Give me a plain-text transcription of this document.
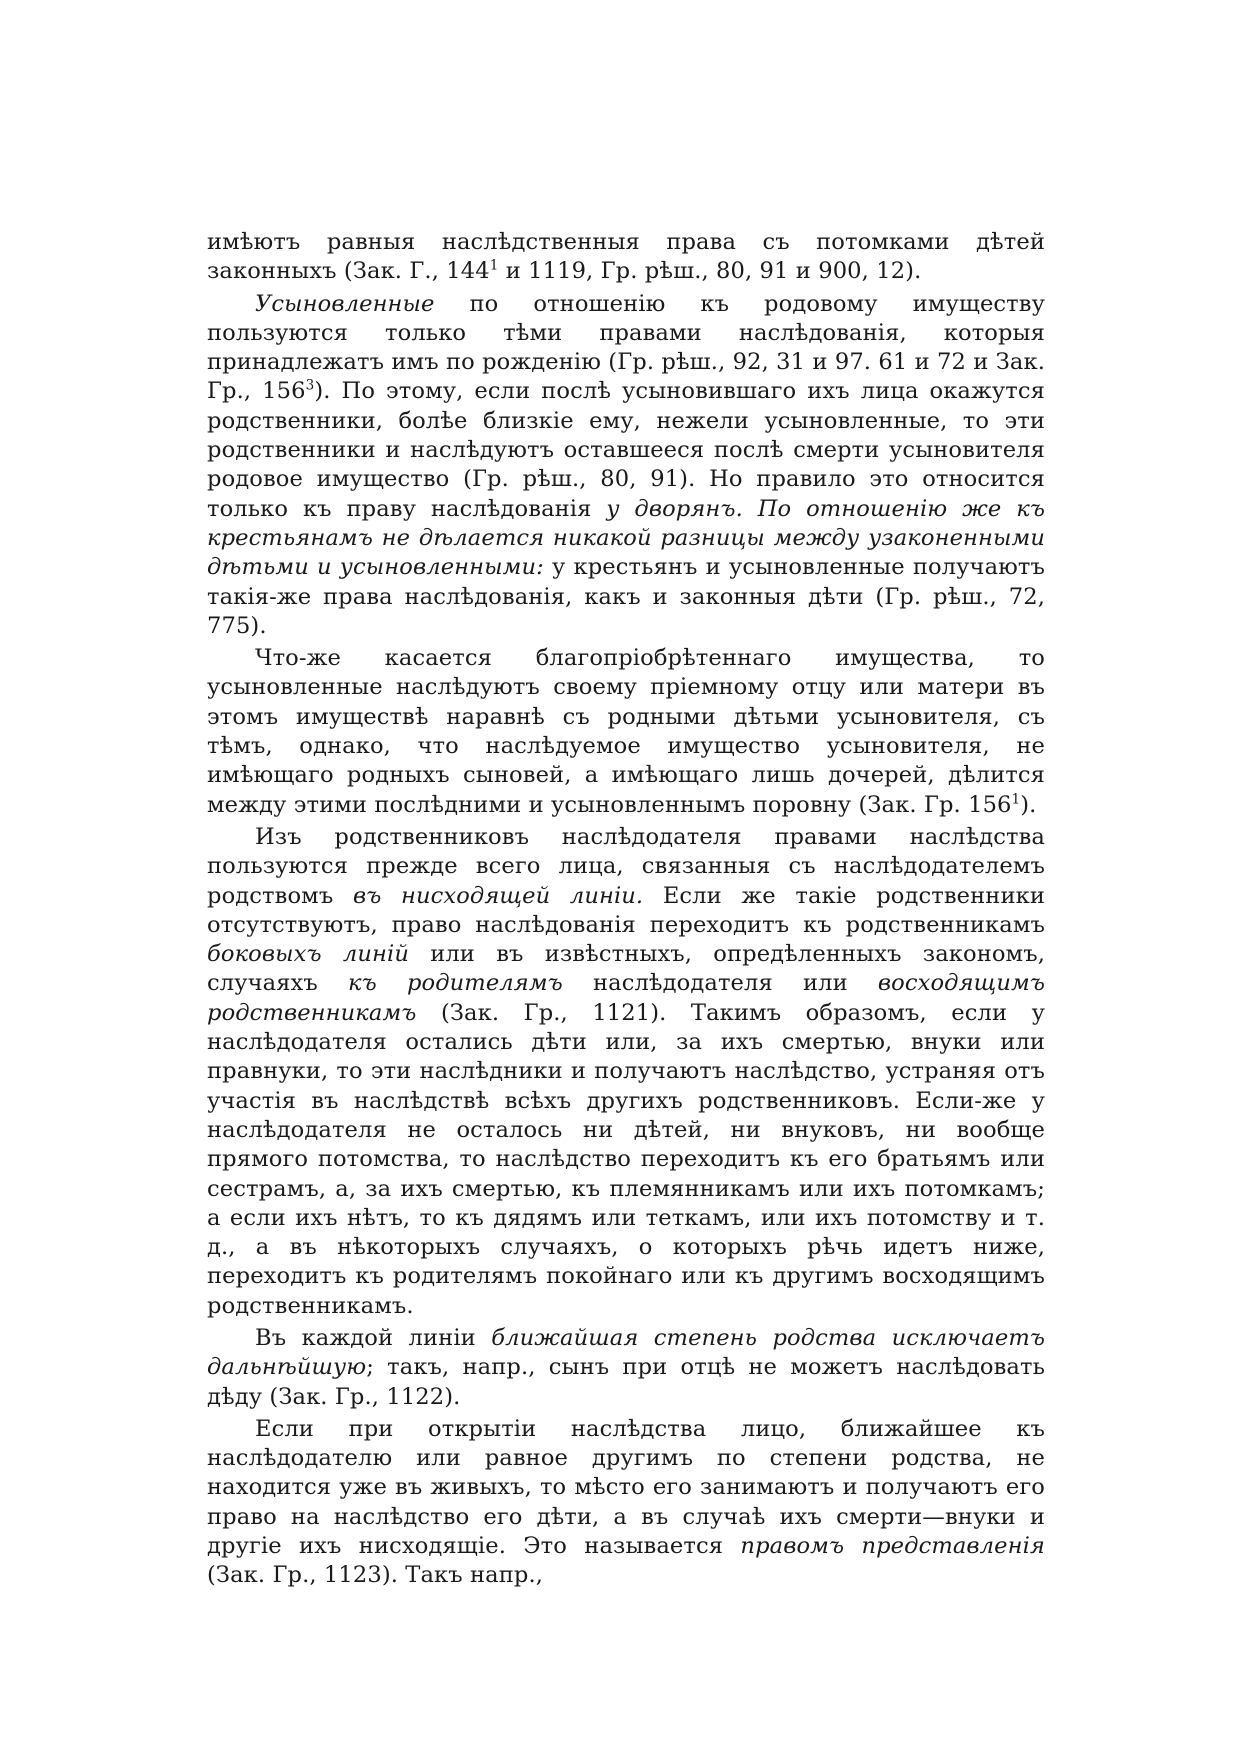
имѣютъ равныя наслѣдственныя права съ потомками дѣтей законныхъ (Зак. Г., $144^1$ и 1119, Гр. рѣш., 80, 91 и 900, 12).

Усыновленные по отношенію къ родовому имуществу пользуются только тѣми правами наслѣдованія, которыя принадлежатъ имъ по рожденію (Гр. рѣш., 92, 31 и 97. 61 и 72 и Зак. Гр., $156^3$). По этому, если послѣ усыновившаго ихъ лица окажутся родственники, болѣе близкіе ему, нежели усыновленные, то эти родственники и наслѣдуютъ оставшееся послѣ смерти усыновителя родовое имущество (Гр. рѣш., 80, 91). Но правило это относится только къ праву наслѣдованія у дворянъ. По отношенію же къ крестьянамъ не дѣлается никакой разницы между узаконенными дѣтьми и усыновленными: у крестьянъ и усыновленные получаютъ такія-же права наслѣдованія, какъ и законныя дѣти (Гр. рѣш., 72, 775).

Что-же касается благопріобрѣтеннаго имущества, то усыновленные наслѣдуютъ своему пріемному отцу или матери въ этомъ имуществѣ наравнѣ съ родными дѣтьми усыновителя, съ тѣмъ, однако, что наслѣдуемое имущество усыновителя, не имѣющаго родныхъ сыновей, а имѣющаго лишь дочерей, дѣлится между этими послѣдними и усыновленнымъ поровну (Зак. Гр. $156^1$).

Изъ родственниковъ наслѣдодателя правами наслѣдства пользуются прежде всего лица, связанныя съ наслѣдодателемъ родствомъ въ нисходящей линіи. Если же такіе родственники отсутствуютъ, право наслѣдованія переходитъ къ родственникамъ боковыхъ линій или въ извѣстныхъ, опредѣленныхъ закономъ, случаяхъ къ родителямъ наслѣдодателя или восходящимъ родственникамъ (Зак. Гр., 1121). Такимъ образомъ, если у наслѣдодателя остались дѣти или, за ихъ смертью, внуки или правнуки, то эти наслѣдники и получаютъ наслѣдство, устраняя отъ участія въ наслѣдствѣ всѣхъ другихъ родственниковъ. Если-же у наслѣдодателя не осталось ни дѣтей, ни внуковъ, ни вообще прямого потомства, то наслѣдство переходитъ къ его братьямъ или сестрамъ, а, за ихъ смертью, къ племянникамъ или ихъ потомкамъ; а если ихъ нѣтъ, то къ дядямъ или теткамъ, или ихъ потомству и т. д., а въ нѣкоторыхъ случаяхъ, о которыхъ рѣчь идетъ ниже, переходитъ къ родителямъ покойнаго или къ другимъ восходящимъ родственникамъ.

Въ каждой линіи ближайшая степень родства исключаетъ дальнѣйшую; такъ, напр., сынъ при отцѣ не можетъ наслѣдовать дѣду (Зак. Гр., 1122).

Если при открытіи наслѣдства лицо, ближайшее къ наслѣдодателю или равное другимъ по степени родства, не находится уже въ живыхъ, то мѣсто его занимаютъ и получаютъ его право на наслѣдство его дѣти, а въ случаѣ ихъ смерти—внуки и другіе ихъ нисходящіе. Это называется правомъ представленія (Зак. Гр., 1123). Такъ напр.,
